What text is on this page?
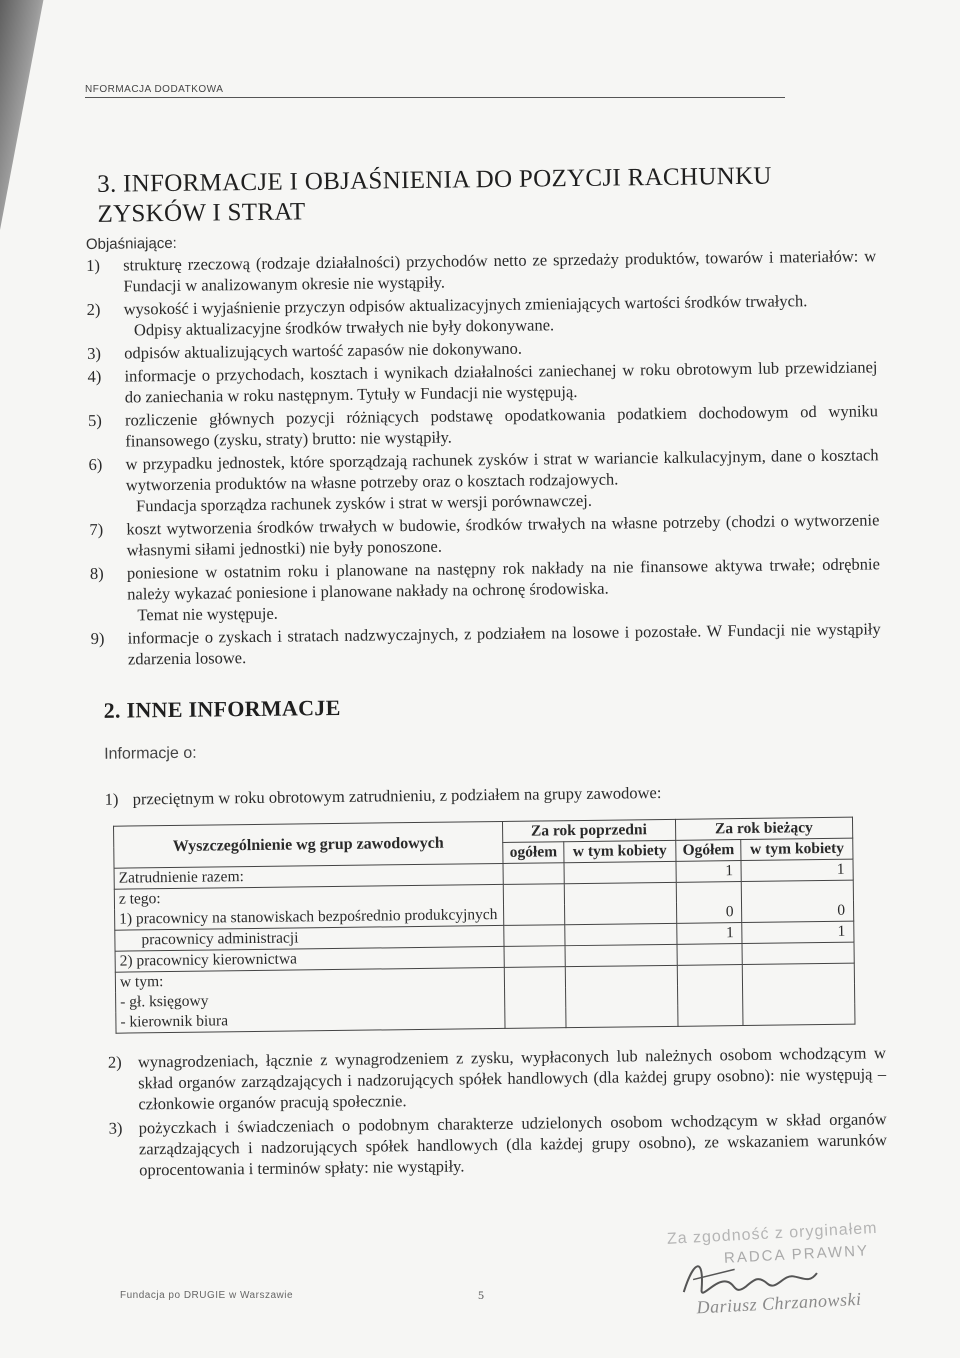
NFORMACJA DODATKOWA
3. INFORMACJE I OBJAŚNIENIA DO POZYCJI RACHUNKU ZYSKÓW I STRAT
Objaśniające:
1) strukturę rzeczową (rodzaje działalności) przychodów netto ze sprzedaży produktów, towarów i materiałów: w Fundacji w analizowanym okresie nie wystąpiły.
2) wysokość i wyjaśnienie przyczyn odpisów aktualizacyjnych zmieniających wartości środków trwałych.
Odpisy aktualizacyjne środków trwałych nie były dokonywane.
3) odpisów aktualizujących wartość zapasów nie dokonywano.
4) informacje o przychodach, kosztach i wynikach działalności zaniechanej w roku obrotowym lub przewidzianej do zaniechania w roku następnym. Tytuły w Fundacji nie występują.
5) rozliczenie głównych pozycji różniących podstawę opodatkowania podatkiem dochodowym od wyniku finansowego (zysku, straty) brutto: nie wystąpiły.
6) w przypadku jednostek, które sporządzają rachunek zysków i strat w wariancie kalkulacyjnym, dane o kosztach wytworzenia produktów na własne potrzeby oraz o kosztach rodzajowych.
Fundacja sporządza rachunek zysków i strat w wersji porównawczej.
7) koszt wytworzenia środków trwałych w budowie, środków trwałych na własne potrzeby (chodzi o wytworzenie własnymi siłami jednostki) nie były ponoszone.
8) poniesione w ostatnim roku i planowane na następny rok nakłady na nie finansowe aktywa trwałe; odrębnie należy wykazać poniesione i planowane nakłady na ochronę środowiska.
Temat nie występuje.
9) informacje o zyskach i stratach nadzwyczajnych, z podziałem na losowe i pozostałe. W Fundacji nie wystąpiły zdarzenia losowe.
2. INNE INFORMACJE
Informacje o:
1) przeciętnym w roku obrotowym zatrudnieniu, z podziałem na grupy zawodowe:
Wyszczególnienie wg grup zawodowych	Za rok poprzedni		Za rok bieżący	
	ogółem	w tym kobiety	Ogółem	w tym kobiety
Zatrudnienie razem:			1	1
z tego:				
1) pracownicy na stanowiskach bezpośrednio produkcyjnych			0	0
pracownicy administracji			1	1
2) pracownicy kierownictwa				
w tym:				
- gł. księgowy				
- kierownik biura				
2) wynagrodzeniach, łącznie z wynagrodzeniem z zysku, wypłaconych lub należnych osobom wchodzącym w skład organów zarządzających i nadzorujących spółek handlowych (dla każdej grupy osobno): nie występują – członkowie organów pracują społecznie.
3) pożyczkach i świadczeniach o podobnym charakterze udzielonych osobom wchodzącym w skład organów zarządzających i nadzorujących spółek handlowych (dla każdej grupy osobno), ze wskazaniem warunków oprocentowania i terminów spłaty: nie wystąpiły.
Za zgodność z oryginałem
RADCA PRAWNY
Dariusz Chrzanowski
Fundacja po DRUGIE w Warszawie	5
